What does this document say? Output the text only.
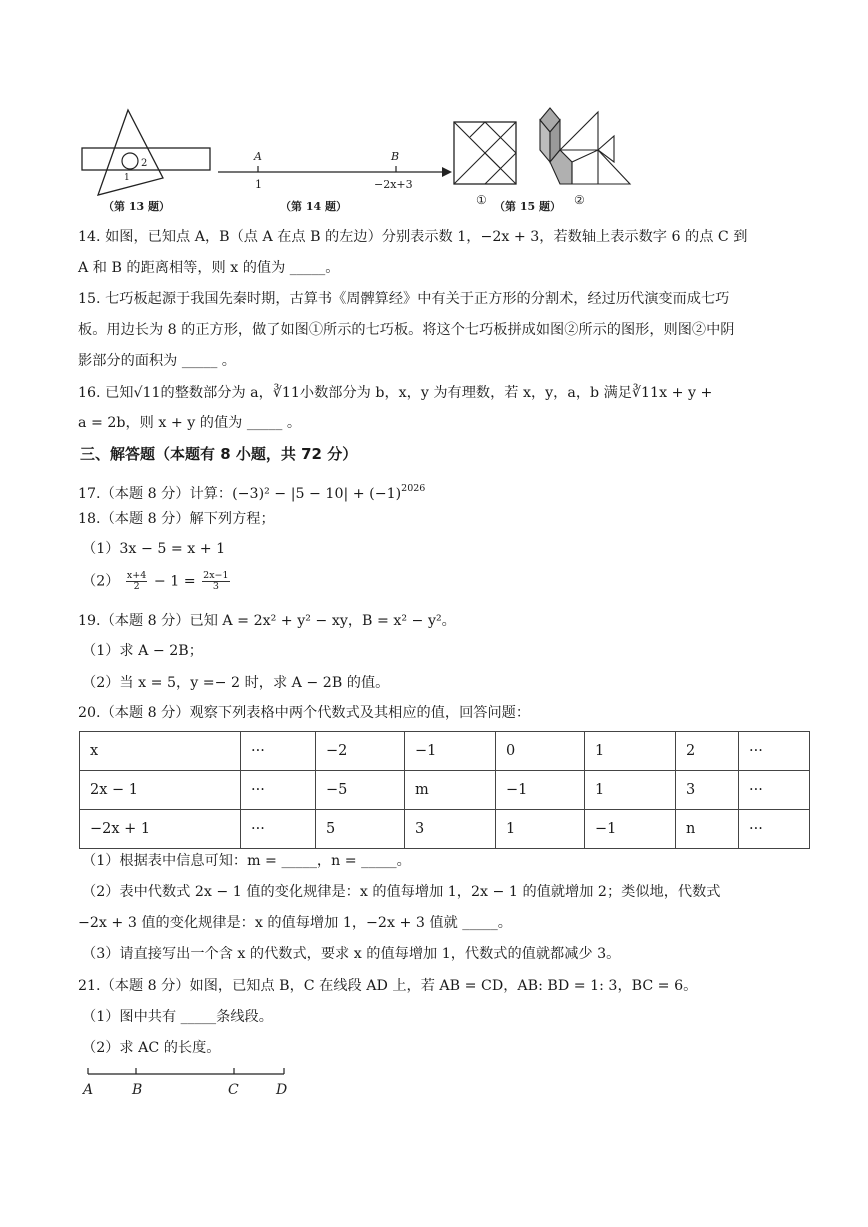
2
1
A	B
1	−2x+3
①	②
（第 13 题）	（第 14 题）	（第 15 题）
14. 如图，已知点 A，B（点 A 在点 B 的左边）分别表示数 1，−2x + 3，若数轴上表示数字 6 的点 C 到
A 和 B 的距离相等，则 x 的值为 _____。
15. 七巧板起源于我国先秦时期，古算书《周髀算经》中有关于正方形的分割术，经过历代演变而成七巧
板。用边长为 8 的正方形，做了如图①所示的七巧板。将这个七巧板拼成如图②所示的图形，则图②中阴
影部分的面积为 _____ 。
16. 已知√11的整数部分为 a，∛11小数部分为 b，x，y 为有理数，若 x，y，a，b 满足∛11x + y +
a = 2b，则 x + y 的值为 _____ 。
三、解答题（本题有 8 小题，共 72 分）
17.（本题 8 分）计算：$(-3)^2 - |5 - 10| + (-1)^{2026}$
18.（本题 8 分）解下列方程；
（1）3x − 5 = x + 1
$(2) \frac{x+4}{2} - 1 = \frac{2x-1}{3}$
19.（本题 8 分）已知 A = 2x² + y² − xy，B = x² − y²。
（1）求 A − 2B；
（2）当 x = 5，y =− 2 时，求 A − 2B 的值。
20.（本题 8 分）观察下列表格中两个代数式及其相应的值，回答问题：
x	···	−2	−1	0	1	2	···
2x − 1	···	−5	m	−1	1	3	···
−2x + 1	···	5	3	1	−1	n	···
（1）根据表中信息可知：m = _____，n = _____。
（2）表中代数式 2x − 1 值的变化规律是：x 的值每增加 1，2x − 1 的值就增加 2；类似地，代数式
−2x + 3 值的变化规律是：x 的值每增加 1，−2x + 3 值就 _____。
（3）请直接写出一个含 x 的代数式，要求 x 的值每增加 1，代数式的值就都减少 3。
21.（本题 8 分）如图，已知点 B，C 在线段 AD 上，若 AB = CD，AB: BD = 1: 3，BC = 6。
（1）图中共有 _____条线段。
（2）求 AC 的长度。
A	B	C	D
